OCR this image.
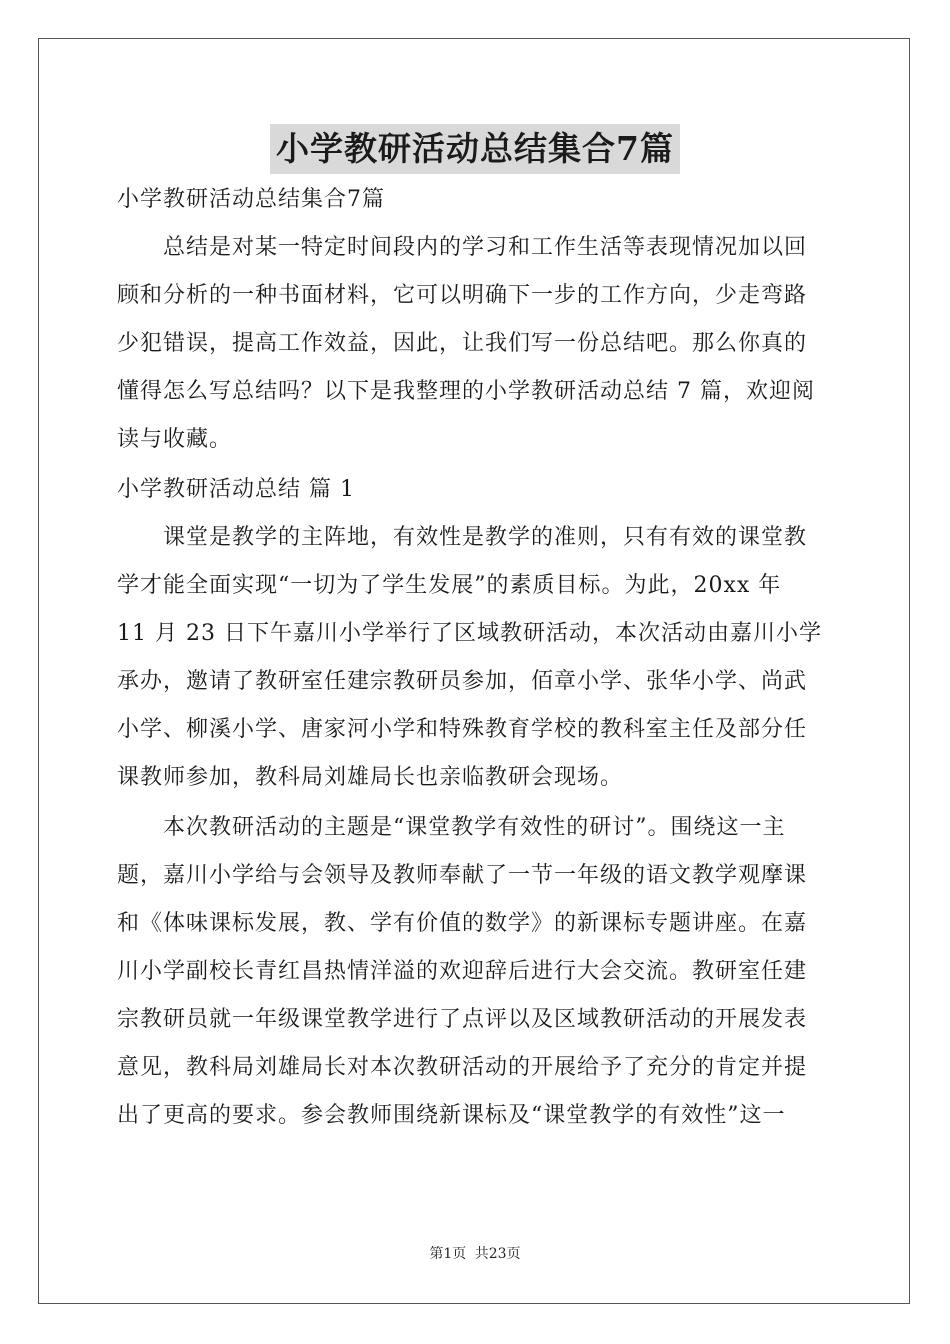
小学教研活动总结集合7篇
小学教研活动总结集合7篇
总结是对某一特定时间段内的学习和工作生活等表现情况加以回
顾和分析的一种书面材料，它可以明确下一步的工作方向，少走弯路
少犯错误，提高工作效益，因此，让我们写一份总结吧。那么你真的
懂得怎么写总结吗？以下是我整理的小学教研活动总结 7 篇，欢迎阅
读与收藏。
小学教研活动总结 篇 1
课堂是教学的主阵地，有效性是教学的准则，只有有效的课堂教
学才能全面实现“一切为了学生发展”的素质目标。为此，20xx 年
11 月 23 日下午嘉川小学举行了区域教研活动，本次活动由嘉川小学
承办，邀请了教研室任建宗教研员参加，佰章小学、张华小学、尚武
小学、柳溪小学、唐家河小学和特殊教育学校的教科室主任及部分任
课教师参加，教科局刘雄局长也亲临教研会现场。
本次教研活动的主题是“课堂教学有效性的研讨”。围绕这一主
题，嘉川小学给与会领导及教师奉献了一节一年级的语文教学观摩课
和《体味课标发展，教、学有价值的数学》的新课标专题讲座。在嘉
川小学副校长青红昌热情洋溢的欢迎辞后进行大会交流。教研室任建
宗教研员就一年级课堂教学进行了点评以及区域教研活动的开展发表
意见，教科局刘雄局长对本次教研活动的开展给予了充分的肯定并提
出了更高的要求。参会教师围绕新课标及“课堂教学的有效性”这一
第1页 共23页
